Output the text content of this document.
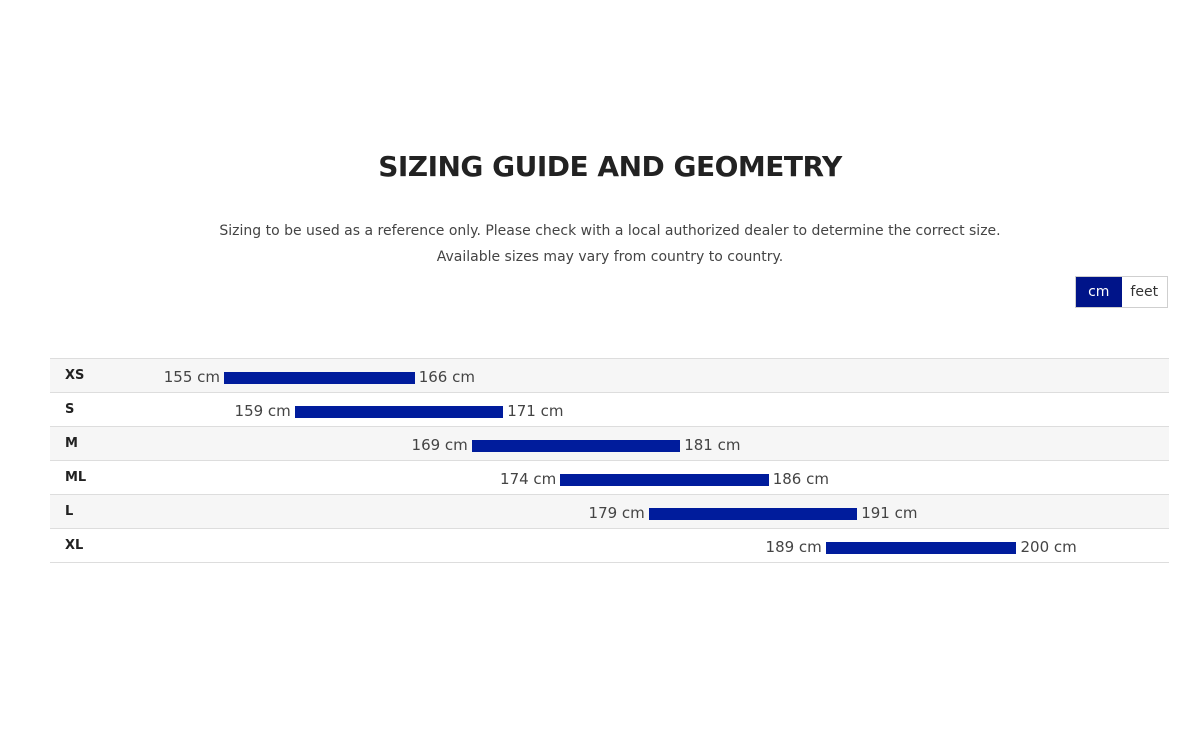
SIZING GUIDE AND GEOMETRY
Sizing to be used as a reference only. Please check with a local authorized dealer to determine the correct size.
Available sizes may vary from country to country.
cm	feet
XS	155 cm	166 cm
S	159 cm	171 cm
M	169 cm	181 cm
ML	174 cm	186 cm
L	179 cm	191 cm
XL	189 cm	200 cm
